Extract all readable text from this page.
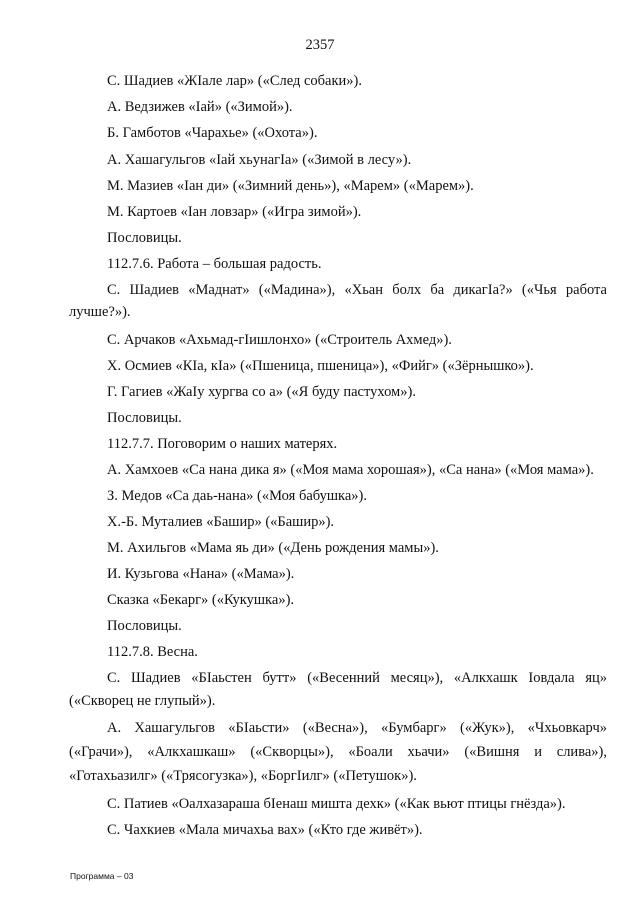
2357
С. Шадиев «ЖIале лар» («След собаки»).
А. Ведзижев «Iай» («Зимой»).
Б. Гамботов «Чарахье» («Охота»).
А. Хашагульгов «Iай хьунагIа» («Зимой в лесу»).
М. Мазиев «Iан ди» («Зимний день»), «Марем» («Марем»).
М. Картоев «Iан ловзар» («Игра зимой»).
Пословицы.
112.7.6. Работа – большая радость.
С. Шадиев «Маднат» («Мадина»), «Хьан болх ба дикагIа?» («Чья работа
лучше?»).
С. Арчаков «Ахьмад-гIишлонхо» («Строитель Ахмед»).
Х. Осмиев «КIа, кIа» («Пшеница, пшеница»), «Фийг» («Зёрнышко»).
Г. Гагиев «ЖаIу хургва со а» («Я буду пастухом»).
Пословицы.
112.7.7. Поговорим о наших матерях.
А. Хамхоев «Са нана дика я» («Моя мама хорошая»), «Са нана» («Моя мама»).
З. Медов «Са даь-нана» («Моя бабушка»).
Х.-Б. Муталиев «Башир» («Башир»).
М. Ахильгов «Мама яь ди» («День рождения мамы»).
И. Кузьгова «Нана» («Мама»).
Сказка «Бекарг» («Кукушка»).
Пословицы.
112.7.8. Весна.
С. Шадиев «БIаьстен бутт» («Весенний месяц»), «Алкхашк Iовдала яц»
(«Скворец не глупый»).
А. Хашагульгов «БIаьсти» («Весна»), «Бумбарг» («Жук»), «Чхьовкарч»
(«Грачи»), «Алкхашкаш» («Скворцы»), «Боали хьачи» («Вишня и слива»),
«Готахьазилг» («Трясогузка»), «БоргIилг» («Петушок»).
С. Патиев «Оалхазараша бIенаш мишта дехк» («Как вьют птицы гнёзда»).
С. Чахкиев «Мала мичахьа вах» («Кто где живёт»).
Программа – 03
